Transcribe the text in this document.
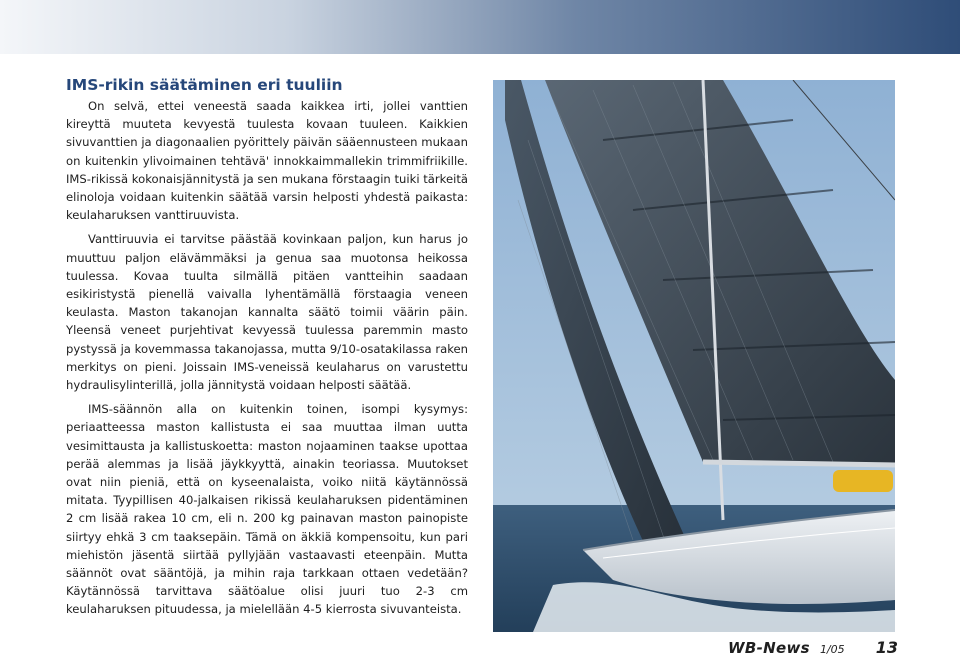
IMS-rikin säätäminen eri tuuliin

On selvä, ettei veneestä saada kaikkea irti, jollei vanttien kireyttä muuteta kevyestä tuulesta kovaan tuuleen. Kaikkien sivuvanttien ja diagonaalien pyörittely päivän sääennusteen mukaan on kuitenkin ylivoimainen tehtävä' innokkaimmallekin trimmifriikille. IMS-rikissä kokonaisjännitystä ja sen mukana förstaagin tuiki tärkeitä elinoloja voidaan kuitenkin säätää varsin helposti yhdestä paikasta: keulaharuksen vanttiruuvista.

Vanttiruuvia ei tarvitse päästää kovinkaan paljon, kun harus jo muuttuu paljon elävämmäksi ja genua saa muotonsa heikossa tuulessa. Kovaa tuulta silmällä pitäen vantteihin saadaan esikiristystä pienellä vaivalla lyhentämällä förstaagia veneen keulasta. Maston takanojan kannalta säätö toimii väärin päin. Yleensä veneet purjehtivat kevyessä tuulessa paremmin masto pystyssä ja kovemmassa takanojassa, mutta 9/10-osatakilassa raken merkitys on pieni. Joissain IMS-veneissä keulaharus on varustettu hydraulisylinterillä, jolla jännitystä voidaan helposti säätää.

IMS-säännön alla on kuitenkin toinen, isompi kysymys: periaatteessa maston kallistusta ei saa muuttaa ilman uutta vesimittausta ja kallistuskoetta: maston nojaaminen taakse upottaa perää alemmas ja lisää jäykkyyttä, ainakin teoriassa. Muutokset ovat niin pieniä, että on kyseenalaista, voiko niitä käytännössä mitata. Tyypillisen 40-jalkaisen rikissä keulaharuksen pidentäminen 2 cm lisää rakea 10 cm, eli n. 200 kg painavan maston painopiste siirtyy ehkä 3 cm taaksepäin. Tämä on äkkiä kompensoitu, kun pari miehistön jäsentä siirtää pyllyjään vastaavasti eteenpäin. Mutta säännöt ovat sääntöjä, ja mihin raja tarkkaan ottaen vedetään? Käytännössä tarvittava säätöalue olisi juuri tuo 2-3 cm keulaharuksen pituudessa, ja mielellään 4-5 kierrosta sivuvanteista.

WB-News 1/05 13
